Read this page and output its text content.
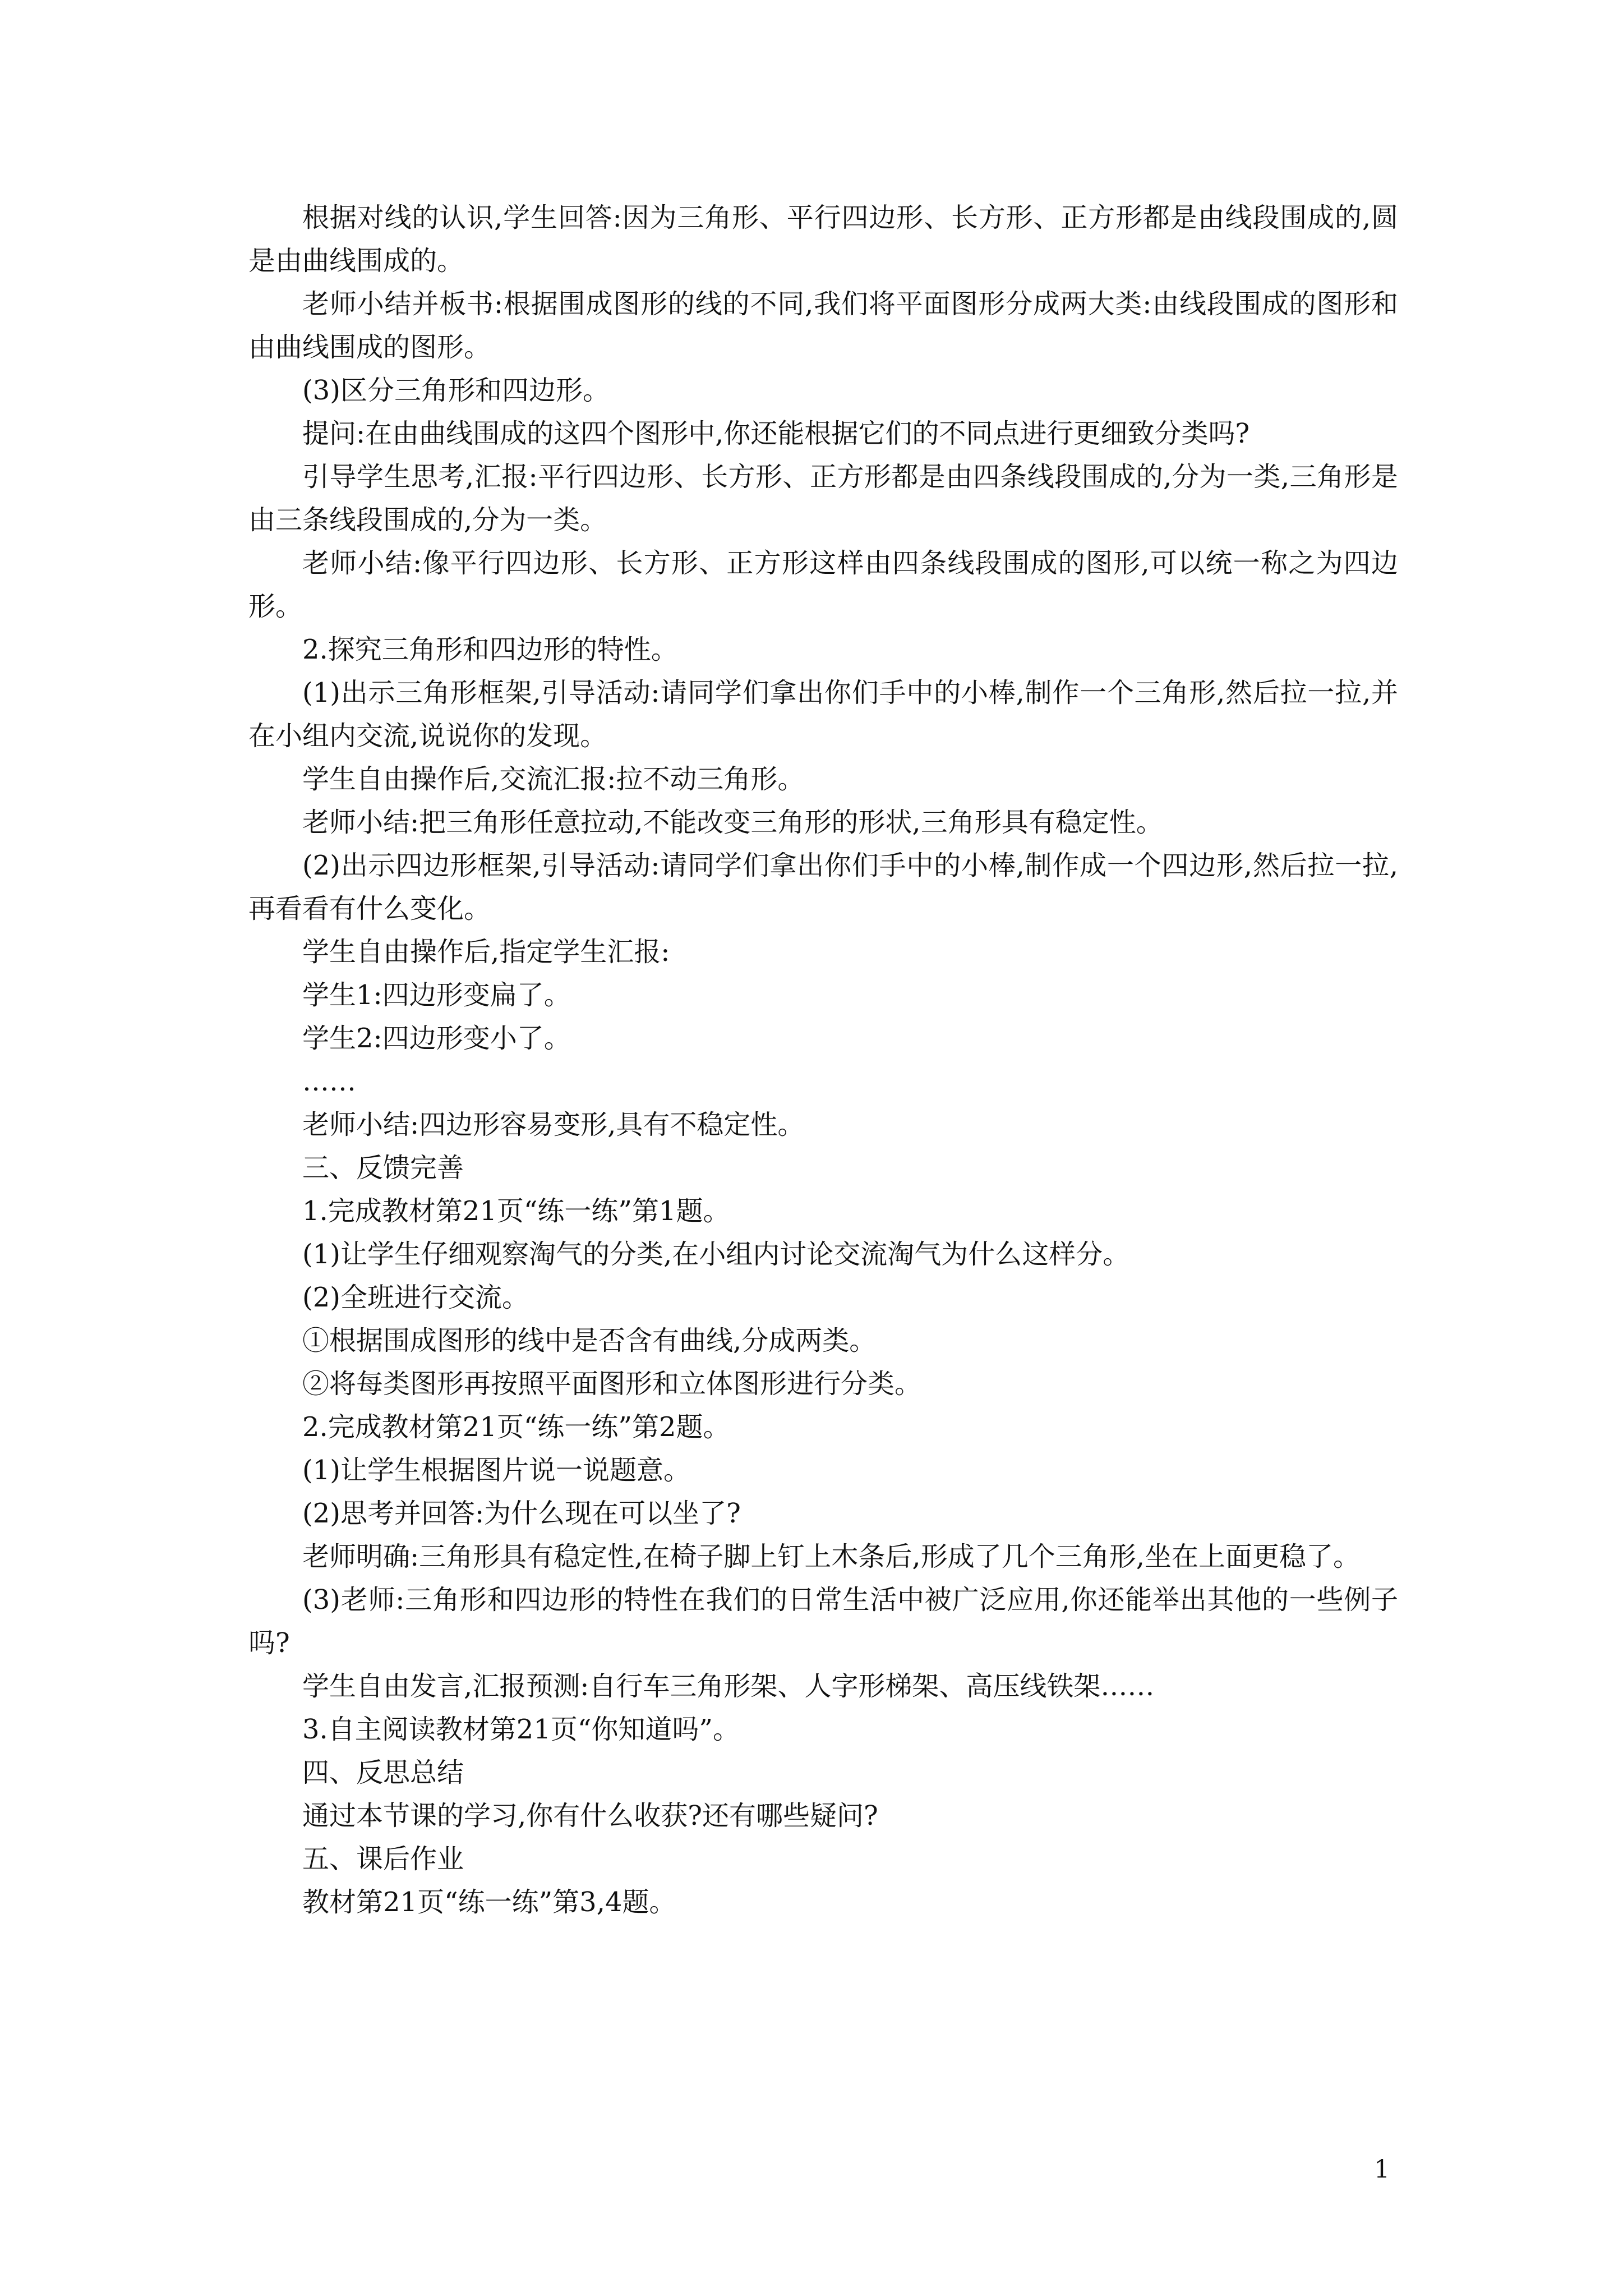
根据对线的认识,学生回答:因为三角形、平行四边形、长方形、正方形都是由线段围成的,圆是由曲线围成的。

老师小结并板书:根据围成图形的线的不同,我们将平面图形分成两大类:由线段围成的图形和由曲线围成的图形。

(3)区分三角形和四边形。

提问:在由曲线围成的这四个图形中,你还能根据它们的不同点进行更细致分类吗?

引导学生思考,汇报:平行四边形、长方形、正方形都是由四条线段围成的,分为一类,三角形是由三条线段围成的,分为一类。

老师小结:像平行四边形、长方形、正方形这样由四条线段围成的图形,可以统一称之为四边形。

2.探究三角形和四边形的特性。

(1)出示三角形框架,引导活动:请同学们拿出你们手中的小棒,制作一个三角形,然后拉一拉,并在小组内交流,说说你的发现。

学生自由操作后,交流汇报:拉不动三角形。

老师小结:把三角形任意拉动,不能改变三角形的形状,三角形具有稳定性。

(2)出示四边形框架,引导活动:请同学们拿出你们手中的小棒,制作成一个四边形,然后拉一拉,再看看有什么变化。

学生自由操作后,指定学生汇报:

学生1:四边形变扁了。

学生2:四边形变小了。

……

老师小结:四边形容易变形,具有不稳定性。

三、反馈完善

1.完成教材第21页“练一练”第1题。

(1)让学生仔细观察淘气的分类,在小组内讨论交流淘气为什么这样分。

(2)全班进行交流。

①根据围成图形的线中是否含有曲线,分成两类。

②将每类图形再按照平面图形和立体图形进行分类。

2.完成教材第21页“练一练”第2题。

(1)让学生根据图片说一说题意。

(2)思考并回答:为什么现在可以坐了?

老师明确:三角形具有稳定性,在椅子脚上钉上木条后,形成了几个三角形,坐在上面更稳了。

(3)老师:三角形和四边形的特性在我们的日常生活中被广泛应用,你还能举出其他的一些例子吗?

学生自由发言,汇报预测:自行车三角形架、人字形梯架、高压线铁架……

3.自主阅读教材第21页“你知道吗”。

四、反思总结

通过本节课的学习,你有什么收获?还有哪些疑问?

五、课后作业

教材第21页“练一练”第3,4题。

1
